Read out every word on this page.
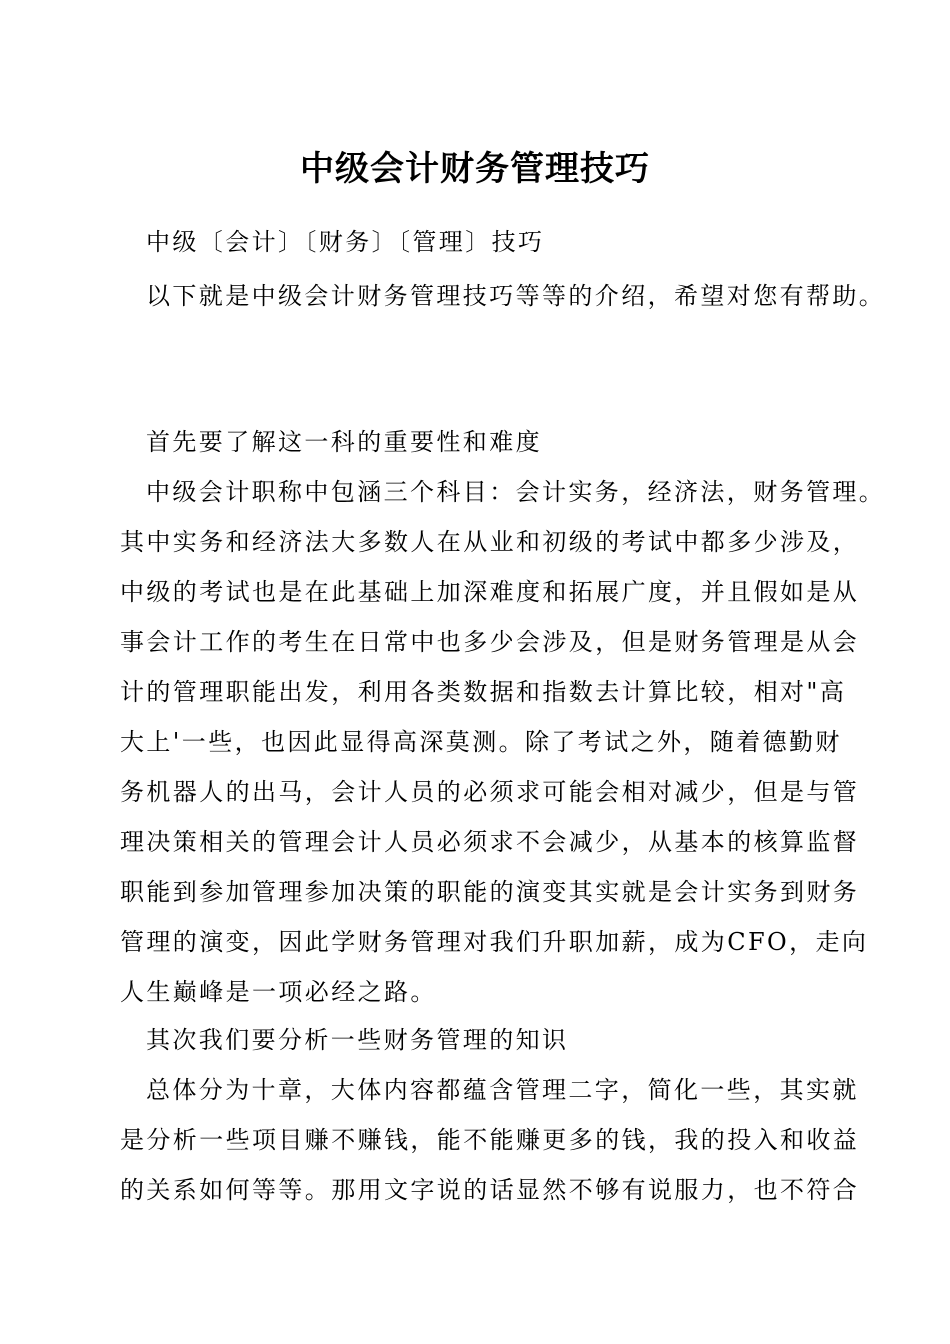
中级会计财务管理技巧
中级〔会计〕〔财务〕〔管理〕技巧
以下就是中级会计财务管理技巧等等的介绍，希望对您有帮助。
首先要了解这一科的重要性和难度
中级会计职称中包涵三个科目：会计实务，经济法，财务管理。
其中实务和经济法大多数人在从业和初级的考试中都多少涉及，
中级的考试也是在此基础上加深难度和拓展广度，并且假如是从
事会计工作的考生在日常中也多少会涉及，但是财务管理是从会
计的管理职能出发，利用各类数据和指数去计算比较，相对"高
大上'一些，也因此显得高深莫测。除了考试之外，随着德勤财
务机器人的出马，会计人员的必须求可能会相对减少，但是与管
理决策相关的管理会计人员必须求不会减少，从基本的核算监督
职能到参加管理参加决策的职能的演变其实就是会计实务到财务
管理的演变，因此学财务管理对我们升职加薪，成为CFO，走向
人生巅峰是一项必经之路。
其次我们要分析一些财务管理的知识
总体分为十章，大体内容都蕴含管理二字，简化一些，其实就
是分析一些项目赚不赚钱，能不能赚更多的钱，我的投入和收益
的关系如何等等。那用文字说的话显然不够有说服力，也不符合
